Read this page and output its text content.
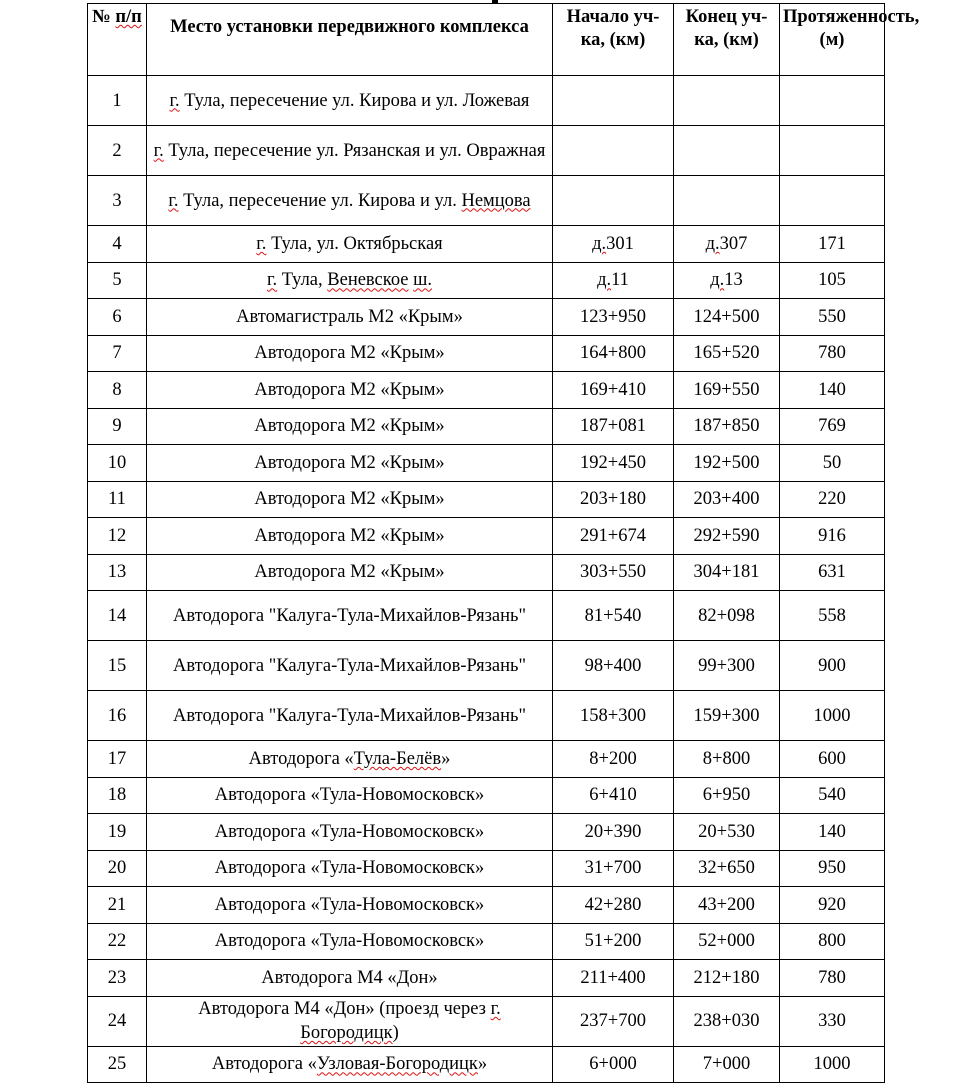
№ п/п	Место установки передвижного комплекса	Начало уч-ка, (км)	Конец уч-ка, (км)	Протяженность, (м)
1	г. Тула, пересечение ул. Кирова и ул. Ложевая			
2	г. Тула, пересечение ул. Рязанская и ул. Овражная			
3	г. Тула, пересечение ул. Кирова и ул. Немцова			
4	г. Тула, ул. Октябрьская	д.301	д.307	171
5	г. Тула, Веневское ш.	д.11	д.13	105
6	Автомагистраль М2 «Крым»	123+950	124+500	550
7	Автодорога М2 «Крым»	164+800	165+520	780
8	Автодорога М2 «Крым»	169+410	169+550	140
9	Автодорога М2 «Крым»	187+081	187+850	769
10	Автодорога М2 «Крым»	192+450	192+500	50
11	Автодорога М2 «Крым»	203+180	203+400	220
12	Автодорога М2 «Крым»	291+674	292+590	916
13	Автодорога М2 «Крым»	303+550	304+181	631
14	Автодорога "Калуга-Тула-Михайлов-Рязань"	81+540	82+098	558
15	Автодорога "Калуга-Тула-Михайлов-Рязань"	98+400	99+300	900
16	Автодорога "Калуга-Тула-Михайлов-Рязань"	158+300	159+300	1000
17	Автодорога «Тула-Белёв»	8+200	8+800	600
18	Автодорога «Тула-Новомосковск»	6+410	6+950	540
19	Автодорога «Тула-Новомосковск»	20+390	20+530	140
20	Автодорога «Тула-Новомосковск»	31+700	32+650	950
21	Автодорога «Тула-Новомосковск»	42+280	43+200	920
22	Автодорога «Тула-Новомосковск»	51+200	52+000	800
23	Автодорога М4 «Дон»	211+400	212+180	780
24	Автодорога М4 «Дон» (проезд через г. Богородицк)	237+700	238+030	330
25	Автодорога «Узловая-Богородицк»	6+000	7+000	1000
